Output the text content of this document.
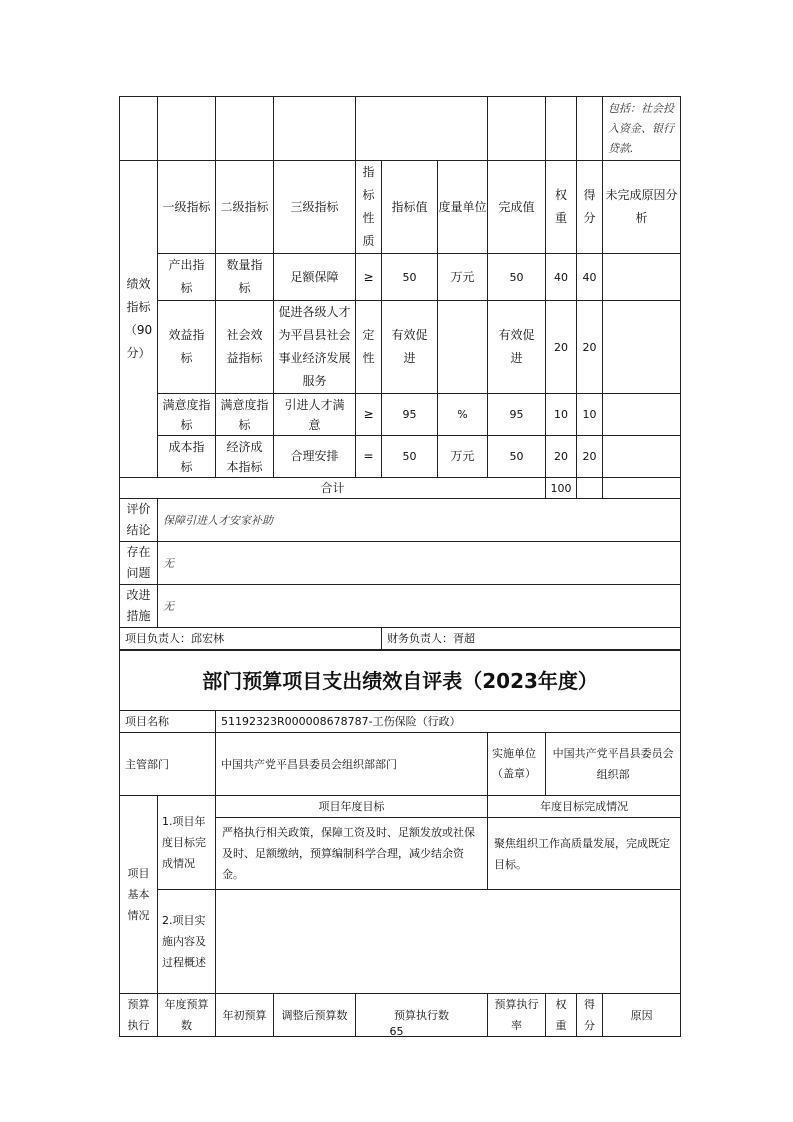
										包括：社会投入资金、银行贷款.
绩效指标（90分）	一级指标	二级指标	三级指标	指标性质	指标值	度量单位	完成值	权重	得分	未完成原因分析
	产出指标	数量指标	足额保障	≥	50	万元	50	40	40	
	效益指标	社会效益指标	促进各级人才为平昌县社会事业经济发展服务	定性	有效促进		有效促进	20	20	
	满意度指标	满意度指标	引进人才满意	≥	95	%	95	10	10	
	成本指标	经济成本指标	合理安排	=	50	万元	50	20	20	
合计								100		
评价结论	保障引进人才安家补助									
存在问题	无									
改进措施	无									
项目负责人：邱宏林					财务负责人：胥超					
部门预算项目支出绩效自评表（2023年度）								
项目名称		51192323R000008678787-工伤保险（行政）						
主管部门		中国共产党平昌县委员会组织部部门			实施单位（盖章）	中国共产党平昌县委员会组织部		
项目基本情况	1.项目年度目标完成情况	项目年度目标			年度目标完成情况			
		严格执行相关政策，保障工资及时、足额发放或社保及时、足额缴纳，预算编制科学合理，减少结余资金。			聚焦组织工作高质量发展，完成既定目标。			
	2.项目实施内容及过程概述							
预算执行	年度预算数	年初预算	调整后预算数	预算执行数	预算执行率	权重	得分	原因
65
